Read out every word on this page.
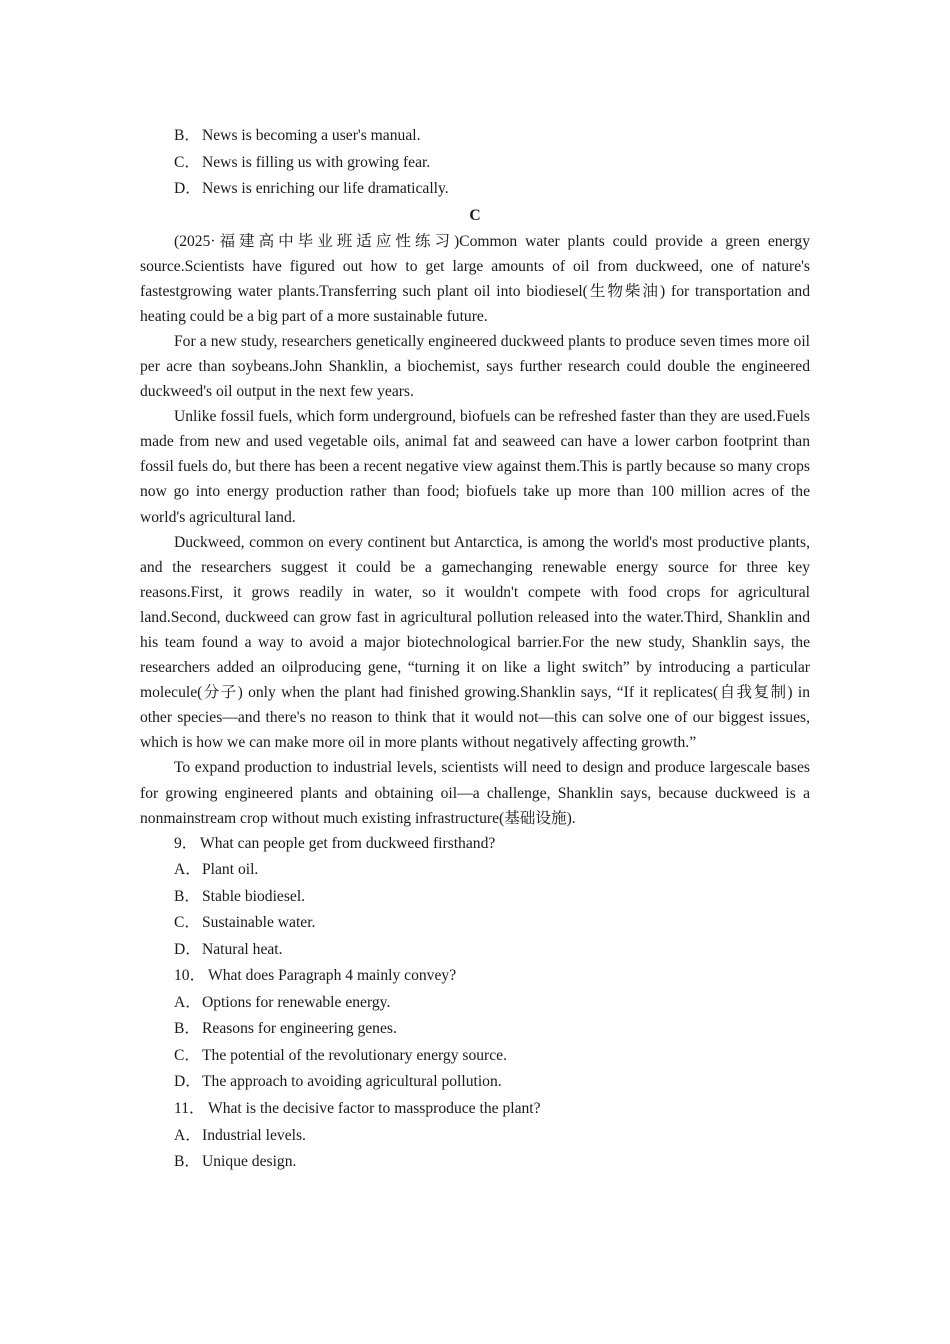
B． News is becoming a user's manual.

C． News is filling us with growing fear.

D．News is enriching our life dramatically.

C

(2025·福建高中毕业班适应性练习)Common water plants could provide a green energy source.Scientists have figured out how to get large amounts of oil from duckweed, one of nature's fastestgrowing water plants.Transferring such plant oil into biodiesel(生物柴油) for transportation and heating could be a big part of a more sustainable future.

For a new study, researchers genetically engineered duckweed plants to produce seven times more oil per acre than soybeans.John Shanklin, a biochemist, says further research could double the engineered duckweed's oil output in the next few years.

Unlike fossil fuels, which form underground, biofuels can be refreshed faster than they are used.Fuels made from new and used vegetable oils, animal fat and seaweed can have a lower carbon footprint than fossil fuels do, but there has been a recent negative view against them.This is partly because so many crops now go into energy production rather than food; biofuels take up more than 100 million acres of the world's agricultural land.

Duckweed, common on every continent but Antarctica, is among the world's most productive plants, and the researchers suggest it could be a gamechanging renewable energy source for three key reasons.First, it grows readily in water, so it wouldn't compete with food crops for agricultural land.Second, duckweed can grow fast in agricultural pollution released into the water.Third, Shanklin and his team found a way to avoid a major biotechnological barrier.For the new study, Shanklin says, the researchers added an oilproducing gene, “turning it on like a light switch” by introducing a particular molecule(分子) only when the plant had finished growing.Shanklin says, “If it replicates(自我复制) in other species—and there's no reason to think that it would not—this can solve one of our biggest issues, which is how we can make more oil in more plants without negatively affecting growth.”

To expand production to industrial levels, scientists will need to design and produce largescale bases for growing engineered plants and obtaining oil—a challenge, Shanklin says, because duckweed is a nonmainstream crop without much existing infrastructure(基础设施).

9． What can people get from duckweed firsthand?

A．Plant oil.

B． Stable biodiesel.

C． Sustainable water.

D．Natural heat.

10． What does Paragraph 4 mainly convey?

A．Options for renewable energy.

B． Reasons for engineering genes.

C． The potential of the revolutionary energy source.

D．The approach to avoiding agricultural pollution.

11． What is the decisive factor to massproduce the plant?

A．Industrial levels.

B． Unique design.
